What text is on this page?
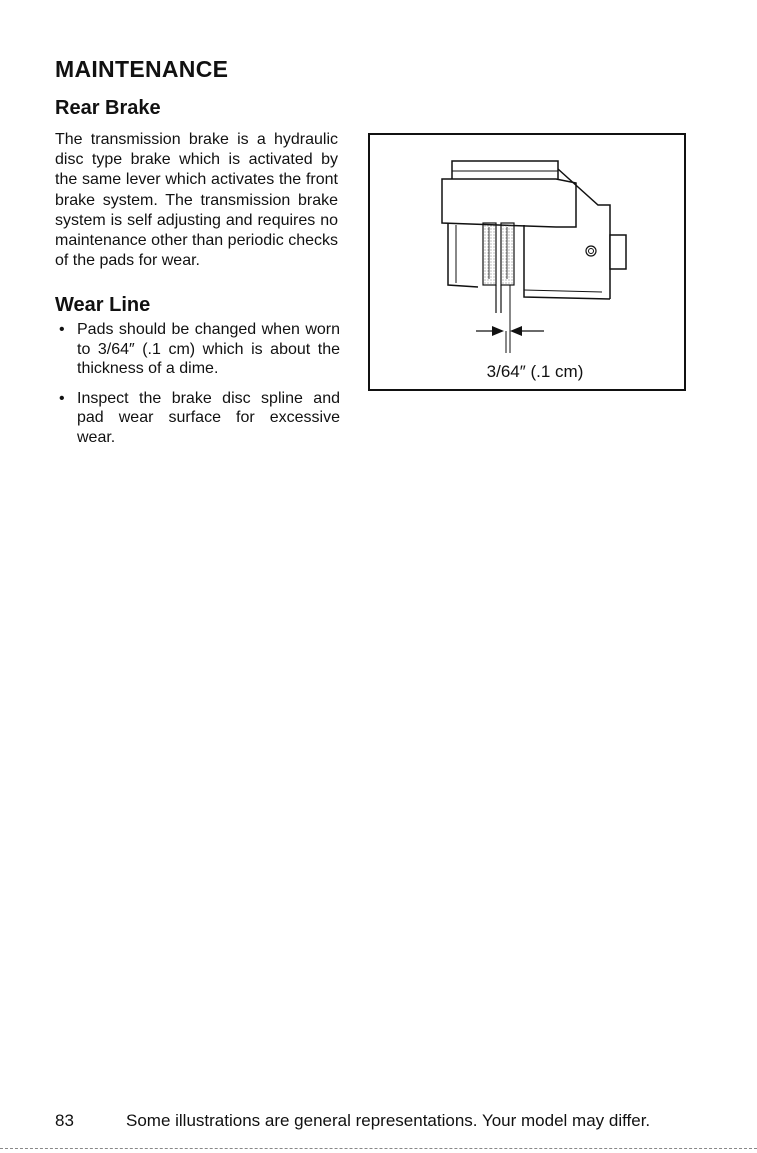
MAINTENANCE
Rear Brake

The transmission brake is a hydraulic disc type brake which is activated by the same lever which activates the front brake system. The transmission brake system is self adjusting and requires no maintenance other than periodic checks of the pads for wear.

Wear Line
• Pads should be changed when worn to 3/64″ (.1 cm) which is about the thickness of a dime.
• Inspect the brake disc spline and pad wear surface for excessive wear.
3/64″ (.1 cm)
83	Some illustrations are general representations. Your model may differ.
